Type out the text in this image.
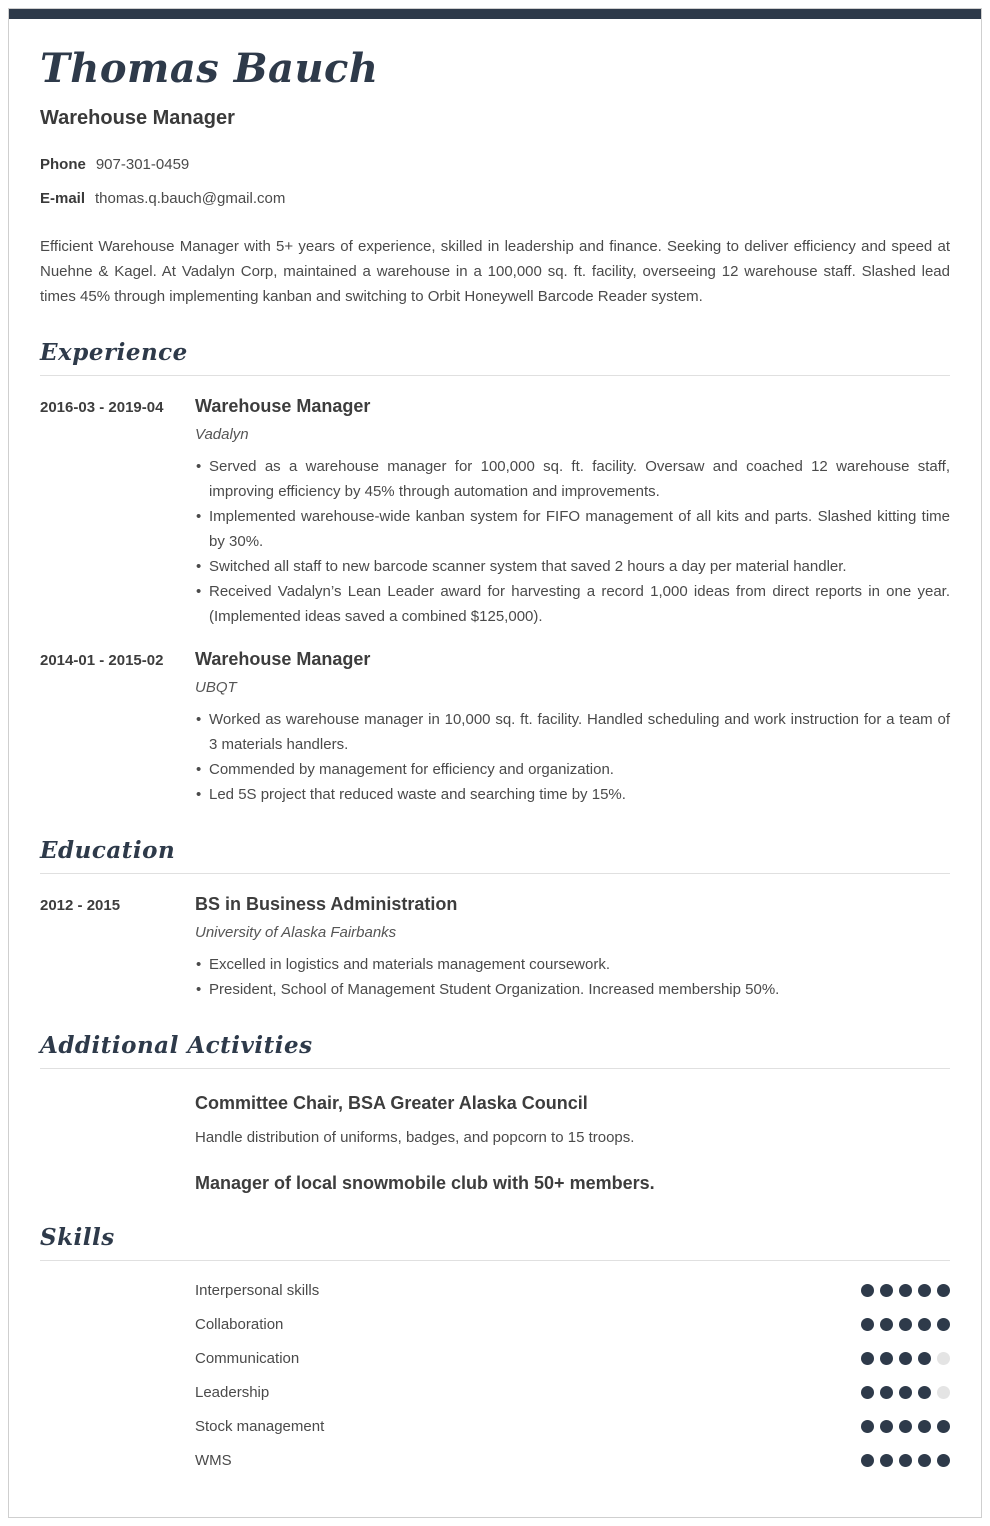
Thomas Bauch
Warehouse Manager
Phone 907-301-0459
E-mail thomas.q.bauch@gmail.com

Efficient Warehouse Manager with 5+ years of experience, skilled in leadership and finance. Seeking to deliver efficiency and speed at Nuehne & Kagel. At Vadalyn Corp, maintained a warehouse in a 100,000 sq. ft. facility, overseeing 12 warehouse staff. Slashed lead times 45% through implementing kanban and switching to Orbit Honeywell Barcode Reader system.

Experience
2016-03 - 2019-04	Warehouse Manager
Vadalyn
• Served as a warehouse manager for 100,000 sq. ft. facility. Oversaw and coached 12 warehouse staff, improving efficiency by 45% through automation and improvements.
• Implemented warehouse-wide kanban system for FIFO management of all kits and parts. Slashed kitting time by 30%.
• Switched all staff to new barcode scanner system that saved 2 hours a day per material handler.
• Received Vadalyn’s Lean Leader award for harvesting a record 1,000 ideas from direct reports in one year. (Implemented ideas saved a combined $125,000).
2014-01 - 2015-02	Warehouse Manager
UBQT
• Worked as warehouse manager in 10,000 sq. ft. facility. Handled scheduling and work instruction for a team of 3 materials handlers.
• Commended by management for efficiency and organization.
• Led 5S project that reduced waste and searching time by 15%.
Education
2012 - 2015	BS in Business Administration
University of Alaska Fairbanks
• Excelled in logistics and materials management coursework.
• President, School of Management Student Organization. Increased membership 50%.
Additional Activities
Committee Chair, BSA Greater Alaska Council
Handle distribution of uniforms, badges, and popcorn to 15 troops.
Manager of local snowmobile club with 50+ members.
Skills
Interpersonal skills
Collaboration
Communication
Leadership
Stock management
WMS
